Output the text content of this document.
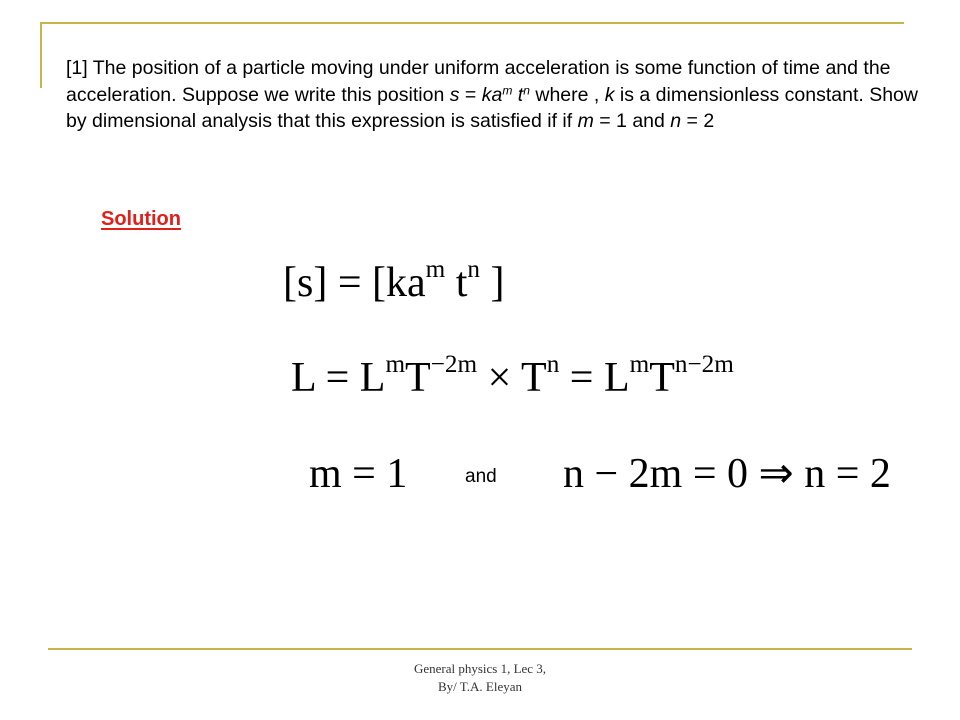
[1] The position of a particle moving under uniform acceleration is some function of time and the acceleration. Suppose we write this position $s = ka^m$ $t^n$ where , k is a dimensionless constant. Show by dimensional analysis that this expression is satisfied if if m = 1 and n = 2
Solution
$[s] = [ka^m$ $t^n$ ]
$L = L^mT^{-2m} \times T^n = L^mT^{n-2m}$
m = 1	and n − 2m = 0 ⇒ n = 2
General physics 1, Lec 3,
By/ T.A. Eleyan
